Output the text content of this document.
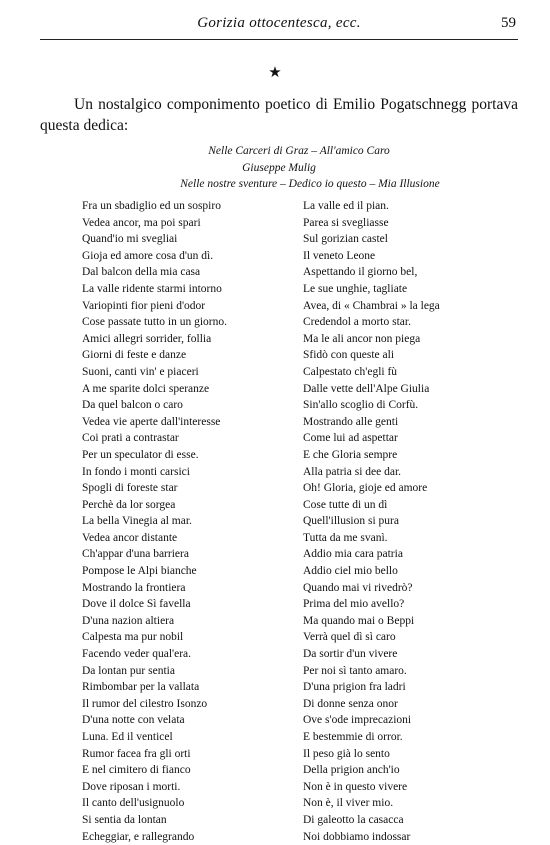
Gorizia ottocentesca, ecc.	59
★

Un nostalgico componimento poetico di Emilio Pogatschnegg portava questa dedica:

Nelle Carceri di Graz – All'amico Caro
Giuseppe Mulig
Nelle nostre sventure – Dedico io questo – Mia Illusione
Fra un sbadiglio ed un sospiro
Vedea ancor, ma poi spari
Quand'io mi svegliai
Gioja ed amore cosa d'un dì.
Dal balcon della mia casa
La valle ridente starmi intorno
Variopinti fior pieni d'odor
Cose passate tutto in un giorno.
Amici allegri sorrider, follia
Giorni di feste e danze
Suoni, canti vin' e piaceri
A me sparite dolci speranze
Da quel balcon o caro
Vedea vie aperte dall'interesse
Coi prati a contrastar
Per un speculator di esse.
In fondo i monti carsici
Spogli di foreste star
Perchè da lor sorgea
La bella Vinegia al mar.
Vedea ancor distante
Ch'appar d'una barriera
Pompose le Alpi bianche
Mostrando la frontiera
Dove il dolce Sì favella
D'una nazion altiera
Calpesta ma pur nobil
Facendo veder qual'era.
Da lontan pur sentia
Rimbombar per la vallata
Il rumor del cilestro Isonzo
D'una notte con velata
Luna. Ed il venticel
Rumor facea fra gli orti
E nel cimitero di fianco
Dove riposan i morti.
Il canto dell'usignuolo
Si sentia da lontan
Echeggiar, e rallegrando
La valle ed il pian.
Parea si svegliasse
Sul gorizian castel
Il veneto Leone
Aspettando il giorno bel,
Le sue unghie, tagliate
Avea, di « Chambrai » la lega
Credendol a morto star.
Ma le ali ancor non piega
Sfidò con queste ali
Calpestato ch'egli fù
Dalle vette dell'Alpe Giulia
Sin'allo scoglio di Corfù.
Mostrando alle genti
Come lui ad aspettar
E che Gloria sempre
Alla patria si dee dar.
Oh! Gloria, gioje ed amore
Cose tutte di un dì
Quell'illusion si pura
Tutta da me svanì.
Addio mia cara patria
Addio ciel mio bello
Quando mai vi rivedrò?
Prima del mio avello?
Ma quando mai o Beppi
Verrà quel dì sì caro
Da sortir d'un vivere
Per noi sì tanto amaro.
D'una prigion fra ladri
Di donne senza onor
Ove s'ode imprecazioni
E bestemmie di orror.
Il peso già lo sento
Della prigion anch'io
Non è in questo vivere
Non è, il viver mio.
Di galeotto la casacca
Noi dobbiamo indossar
